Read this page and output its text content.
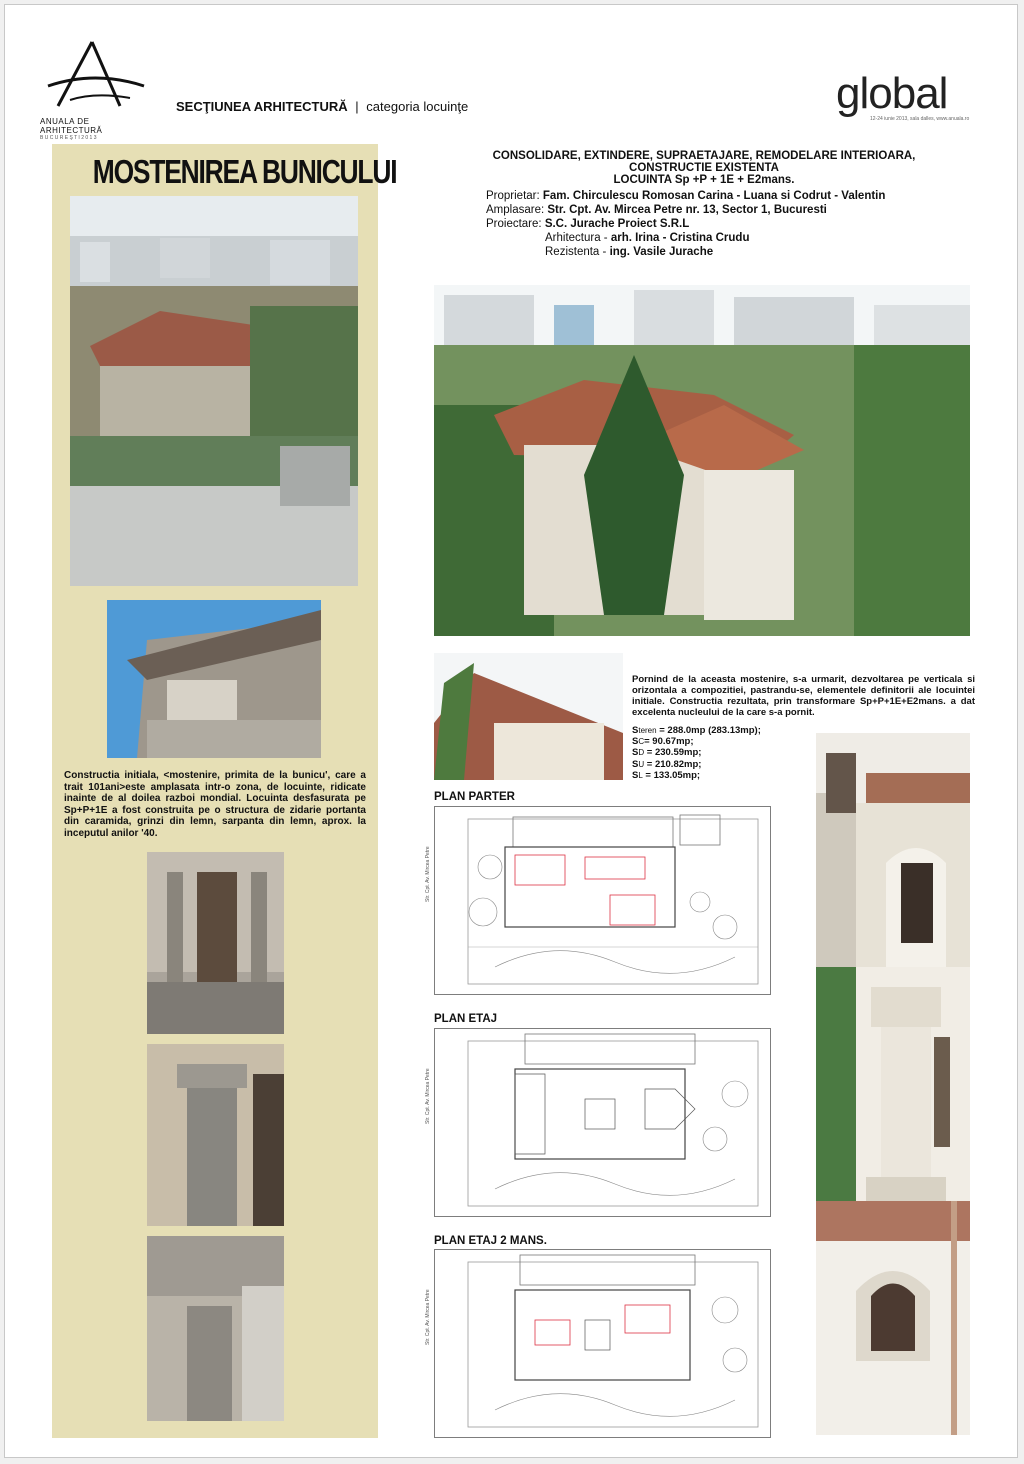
ANUALA DE ARHITECTURĂ
B U C U R E Ş T I 2 0 1 3
SECŢIUNEA ARHITECTURĂ | categoria locuinţe	global
12-24 iunie 2013, sala dalles, www.anuala.ro
MOSTENIREA BUNICULUI
Constructia initiala, <mostenire, primita de la bunicu', care a trait 101ani>este amplasata intr-o zona, de locuinte, ridicate inainte de al doilea razboi mondial. Locuinta desfasurata pe Sp+P+1E a fost construita pe o structura de zidarie portanta din caramida, grinzi din lemn, sarpanta din lemn, aprox. la inceputul anilor '40.
CONSOLIDARE, EXTINDERE, SUPRAETAJARE, REMODELARE INTERIOARA,
CONSTRUCTIE EXISTENTA
LOCUINTA Sp +P + 1E + E2mans.
Proprietar: Fam. Chirculescu Romosan Carina - Luana si Codrut - Valentin
Amplasare: Str. Cpt. Av. Mircea Petre nr. 13, Sector 1, Bucuresti
Proiectare: S.C. Jurache Proiect S.R.L
Arhitectura - arh. Irina - Cristina Crudu
Rezistenta - ing. Vasile Jurache
Pornind de la aceasta mostenire, s-a urmarit, dezvoltarea pe verticala si orizontala a compozitiei, pastrandu-se, elementele definitorii ale locuintei initiale. Constructia rezultata, prin transformare Sp+P+1E+E2mans. a dat excelenta nucleului de la care s-a pornit.
Steren = 288.0mp (283.13mp);
SC= 90.67mp;
SD = 230.59mp;
SU = 210.82mp;
SL = 133.05mp;
PLAN PARTER
Str. Cpt. Av. Mircea Petre
PLAN ETAJ
Str. Cpt. Av. Mircea Petre
PLAN ETAJ 2 MANS.
Str. Cpt. Av. Mircea Petre
